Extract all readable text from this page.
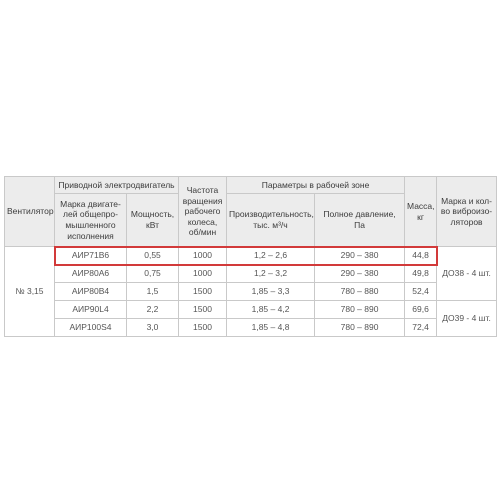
Вентилятор	Приводной электродвигатель		Частота вращения рабочего колеса, об/мин	Параметры в рабочей зоне		Масса, кг	Марка и кол-во виброизо-ляторов
	Марка двигате-лей общепро-мышленного исполнения	Мощность, кВт		Производительность, тыс. м³/ч	Полное давление, Па		

№ 3,15	АИР71В6	0,55	1000	1,2 – 2,6	290 – 380	44,8	ДО38 - 4 шт.
	АИР80А6	0,75	1000	1,2 – 3,2	290 – 380	49,8	
	АИР80В4	1,5	1500	1,85 – 3,3	780 – 880	52,4	
	АИР90L4	2,2	1500	1,85 – 4,2	780 – 890	69,6	ДО39 - 4 шт.
	АИР100S4	3,0	1500	1,85 – 4,8	780 – 890	72,4	
